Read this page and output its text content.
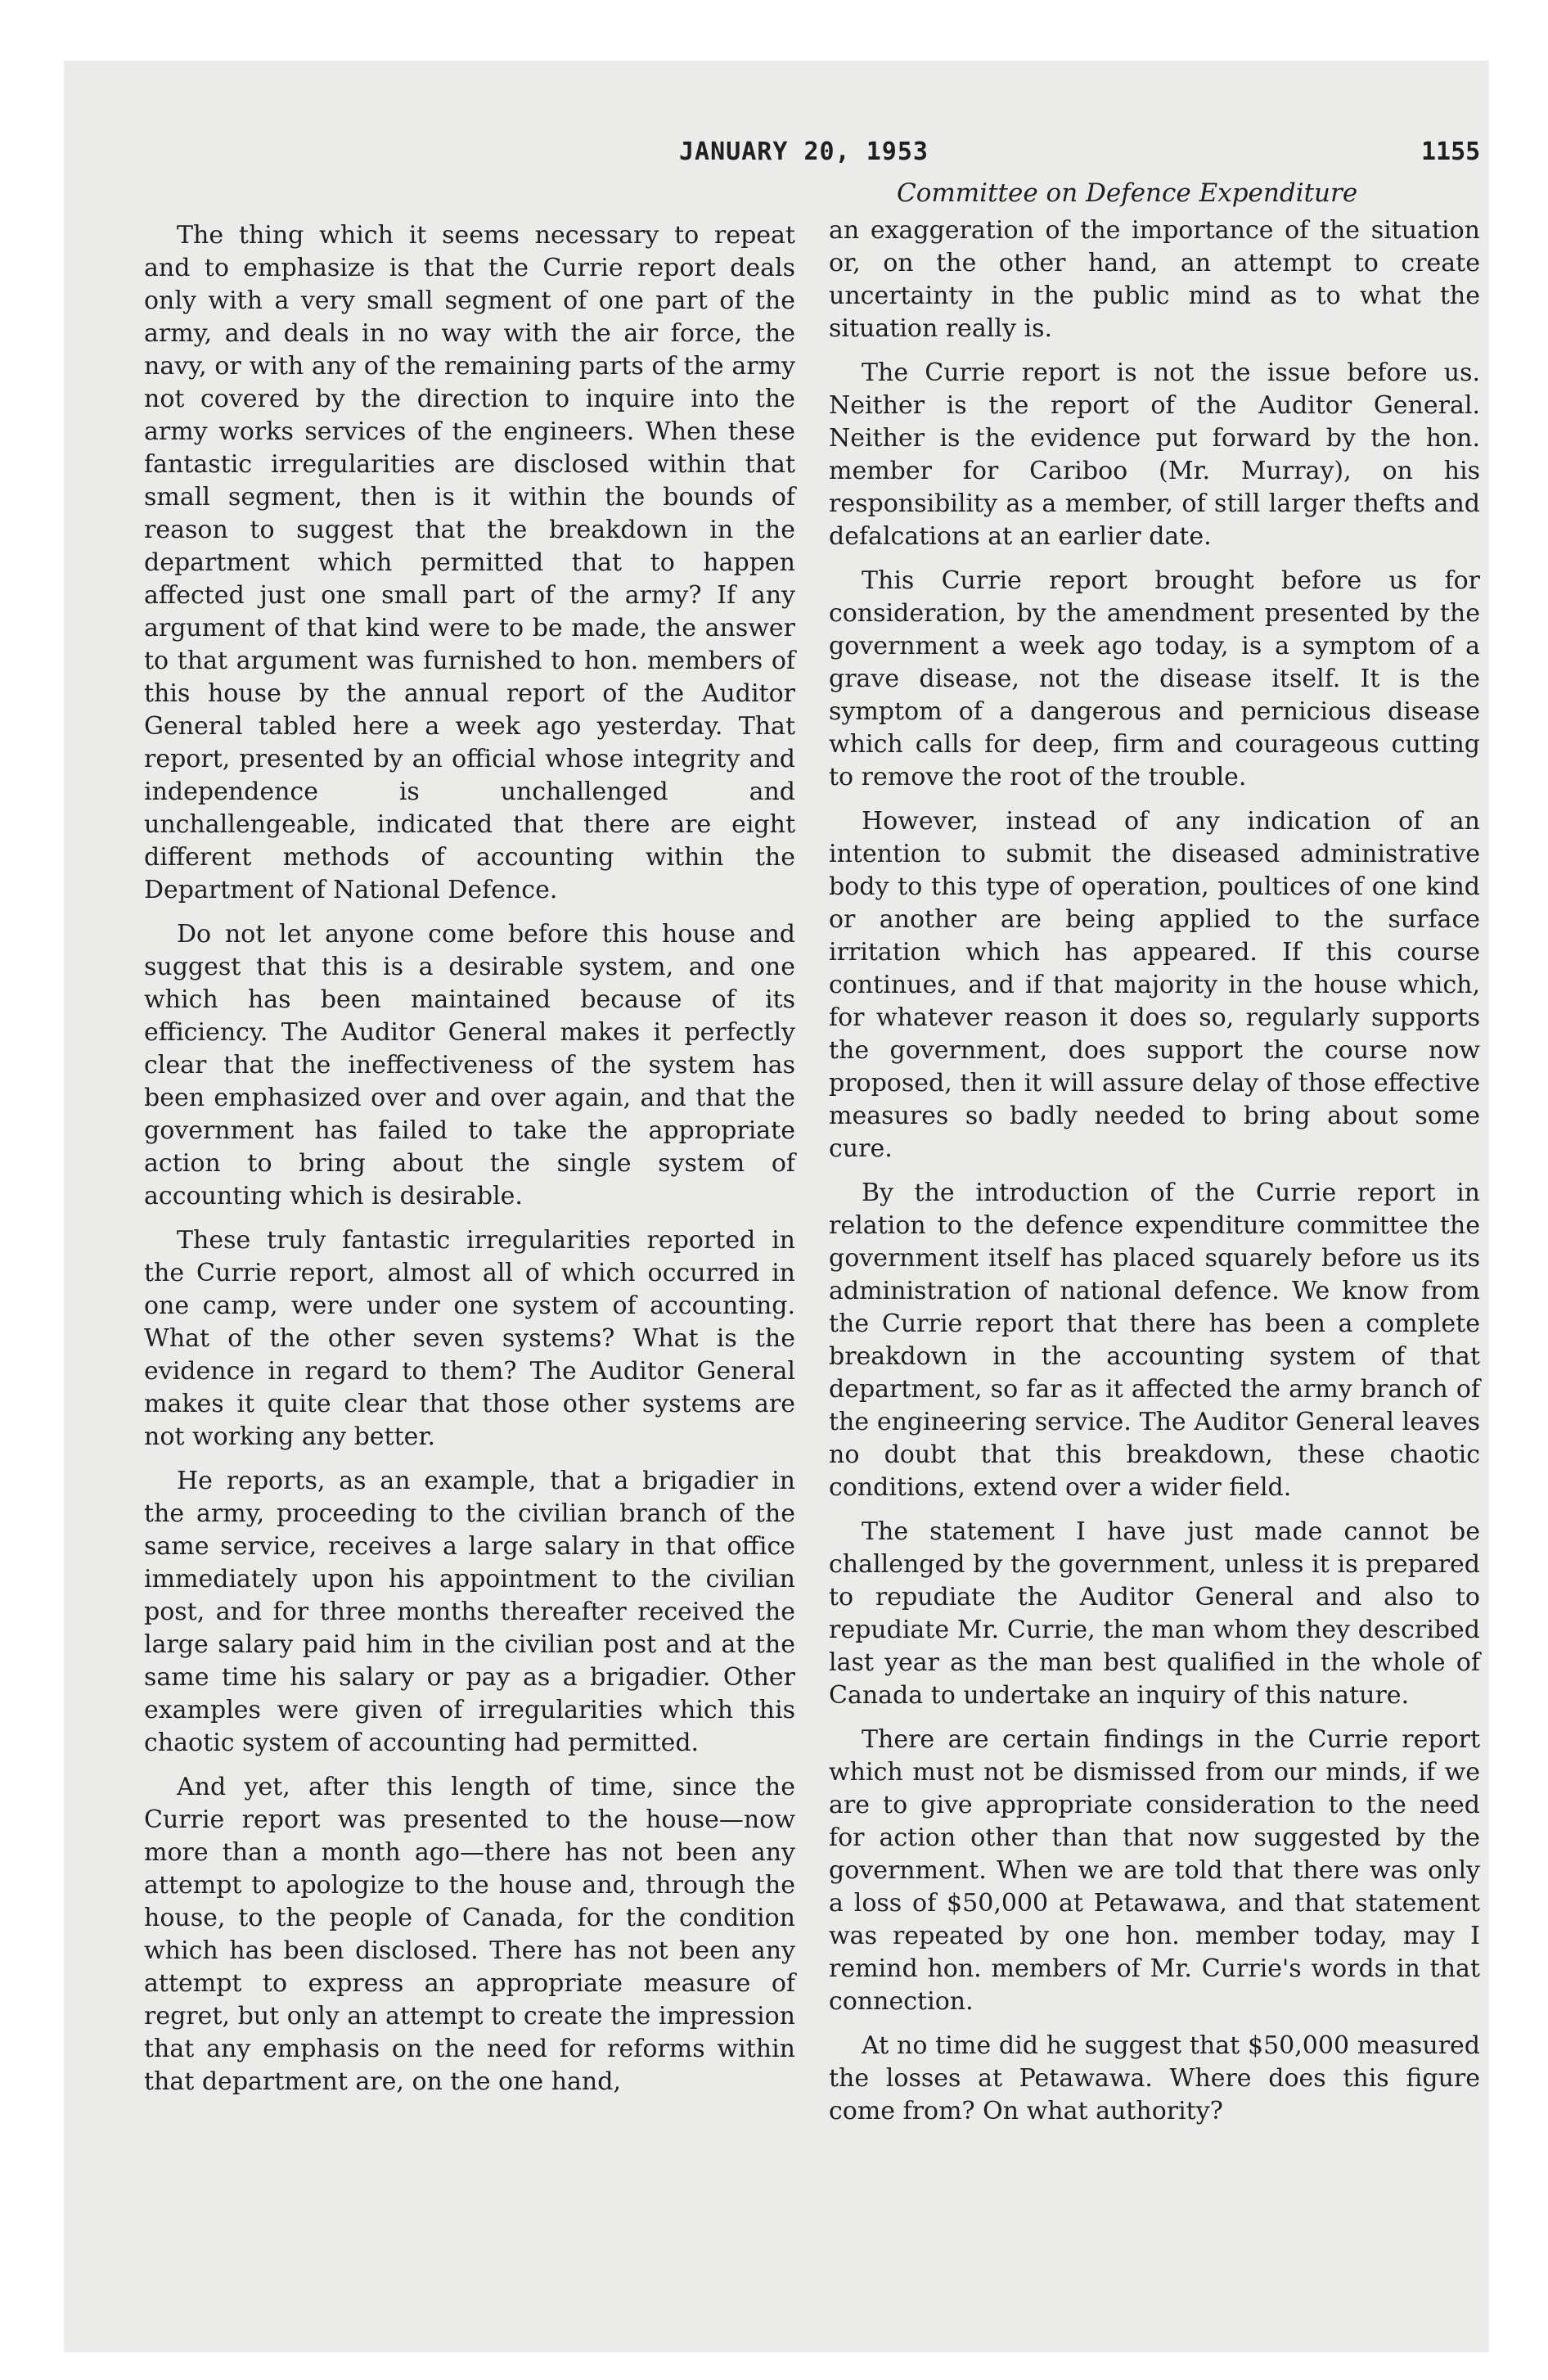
JANUARY 20, 1953	1155
Committee on Defence Expenditure

The thing which it seems necessary to repeat and to emphasize is that the Currie report deals only with a very small segment of one part of the army, and deals in no way with the air force, the navy, or with any of the remaining parts of the army not covered by the direction to inquire into the army works services of the engineers. When these fantastic irregularities are disclosed within that small segment, then is it within the bounds of reason to suggest that the breakdown in the department which permitted that to happen affected just one small part of the army? If any argument of that kind were to be made, the answer to that argument was furnished to hon. members of this house by the annual report of the Auditor General tabled here a week ago yesterday. That report, presented by an official whose integrity and independence is unchallenged and unchallengeable, indicated that there are eight different methods of accounting within the Department of National Defence.

Do not let anyone come before this house and suggest that this is a desirable system, and one which has been maintained because of its efficiency. The Auditor General makes it perfectly clear that the ineffectiveness of the system has been emphasized over and over again, and that the government has failed to take the appropriate action to bring about the single system of accounting which is desirable.

These truly fantastic irregularities reported in the Currie report, almost all of which occurred in one camp, were under one system of accounting. What of the other seven systems? What is the evidence in regard to them? The Auditor General makes it quite clear that those other systems are not working any better.

He reports, as an example, that a brigadier in the army, proceeding to the civilian branch of the same service, receives a large salary in that office immediately upon his appointment to the civilian post, and for three months thereafter received the large salary paid him in the civilian post and at the same time his salary or pay as a brigadier. Other examples were given of irregularities which this chaotic system of accounting had permitted.

And yet, after this length of time, since the Currie report was presented to the house—now more than a month ago—there has not been any attempt to apologize to the house and, through the house, to the people of Canada, for the condition which has been disclosed. There has not been any attempt to express an appropriate measure of regret, but only an attempt to create the impression that any emphasis on the need for reforms within that department are, on the one hand,

an exaggeration of the importance of the situation or, on the other hand, an attempt to create uncertainty in the public mind as to what the situation really is.

The Currie report is not the issue before us. Neither is the report of the Auditor General. Neither is the evidence put forward by the hon. member for Cariboo (Mr. Murray), on his responsibility as a member, of still larger thefts and defalcations at an earlier date.

This Currie report brought before us for consideration, by the amendment presented by the government a week ago today, is a symptom of a grave disease, not the disease itself. It is the symptom of a dangerous and pernicious disease which calls for deep, firm and courageous cutting to remove the root of the trouble.

However, instead of any indication of an intention to submit the diseased administrative body to this type of operation, poultices of one kind or another are being applied to the surface irritation which has appeared. If this course continues, and if that majority in the house which, for whatever reason it does so, regularly supports the government, does support the course now proposed, then it will assure delay of those effective measures so badly needed to bring about some cure.

By the introduction of the Currie report in relation to the defence expenditure committee the government itself has placed squarely before us its administration of national defence. We know from the Currie report that there has been a complete breakdown in the accounting system of that department, so far as it affected the army branch of the engineering service. The Auditor General leaves no doubt that this breakdown, these chaotic conditions, extend over a wider field.

The statement I have just made cannot be challenged by the government, unless it is prepared to repudiate the Auditor General and also to repudiate Mr. Currie, the man whom they described last year as the man best qualified in the whole of Canada to undertake an inquiry of this nature.

There are certain findings in the Currie report which must not be dismissed from our minds, if we are to give appropriate consideration to the need for action other than that now suggested by the government. When we are told that there was only a loss of $50,000 at Petawawa, and that statement was repeated by one hon. member today, may I remind hon. members of Mr. Currie's words in that connection.

At no time did he suggest that $50,000 measured the losses at Petawawa. Where does this figure come from? On what authority?
